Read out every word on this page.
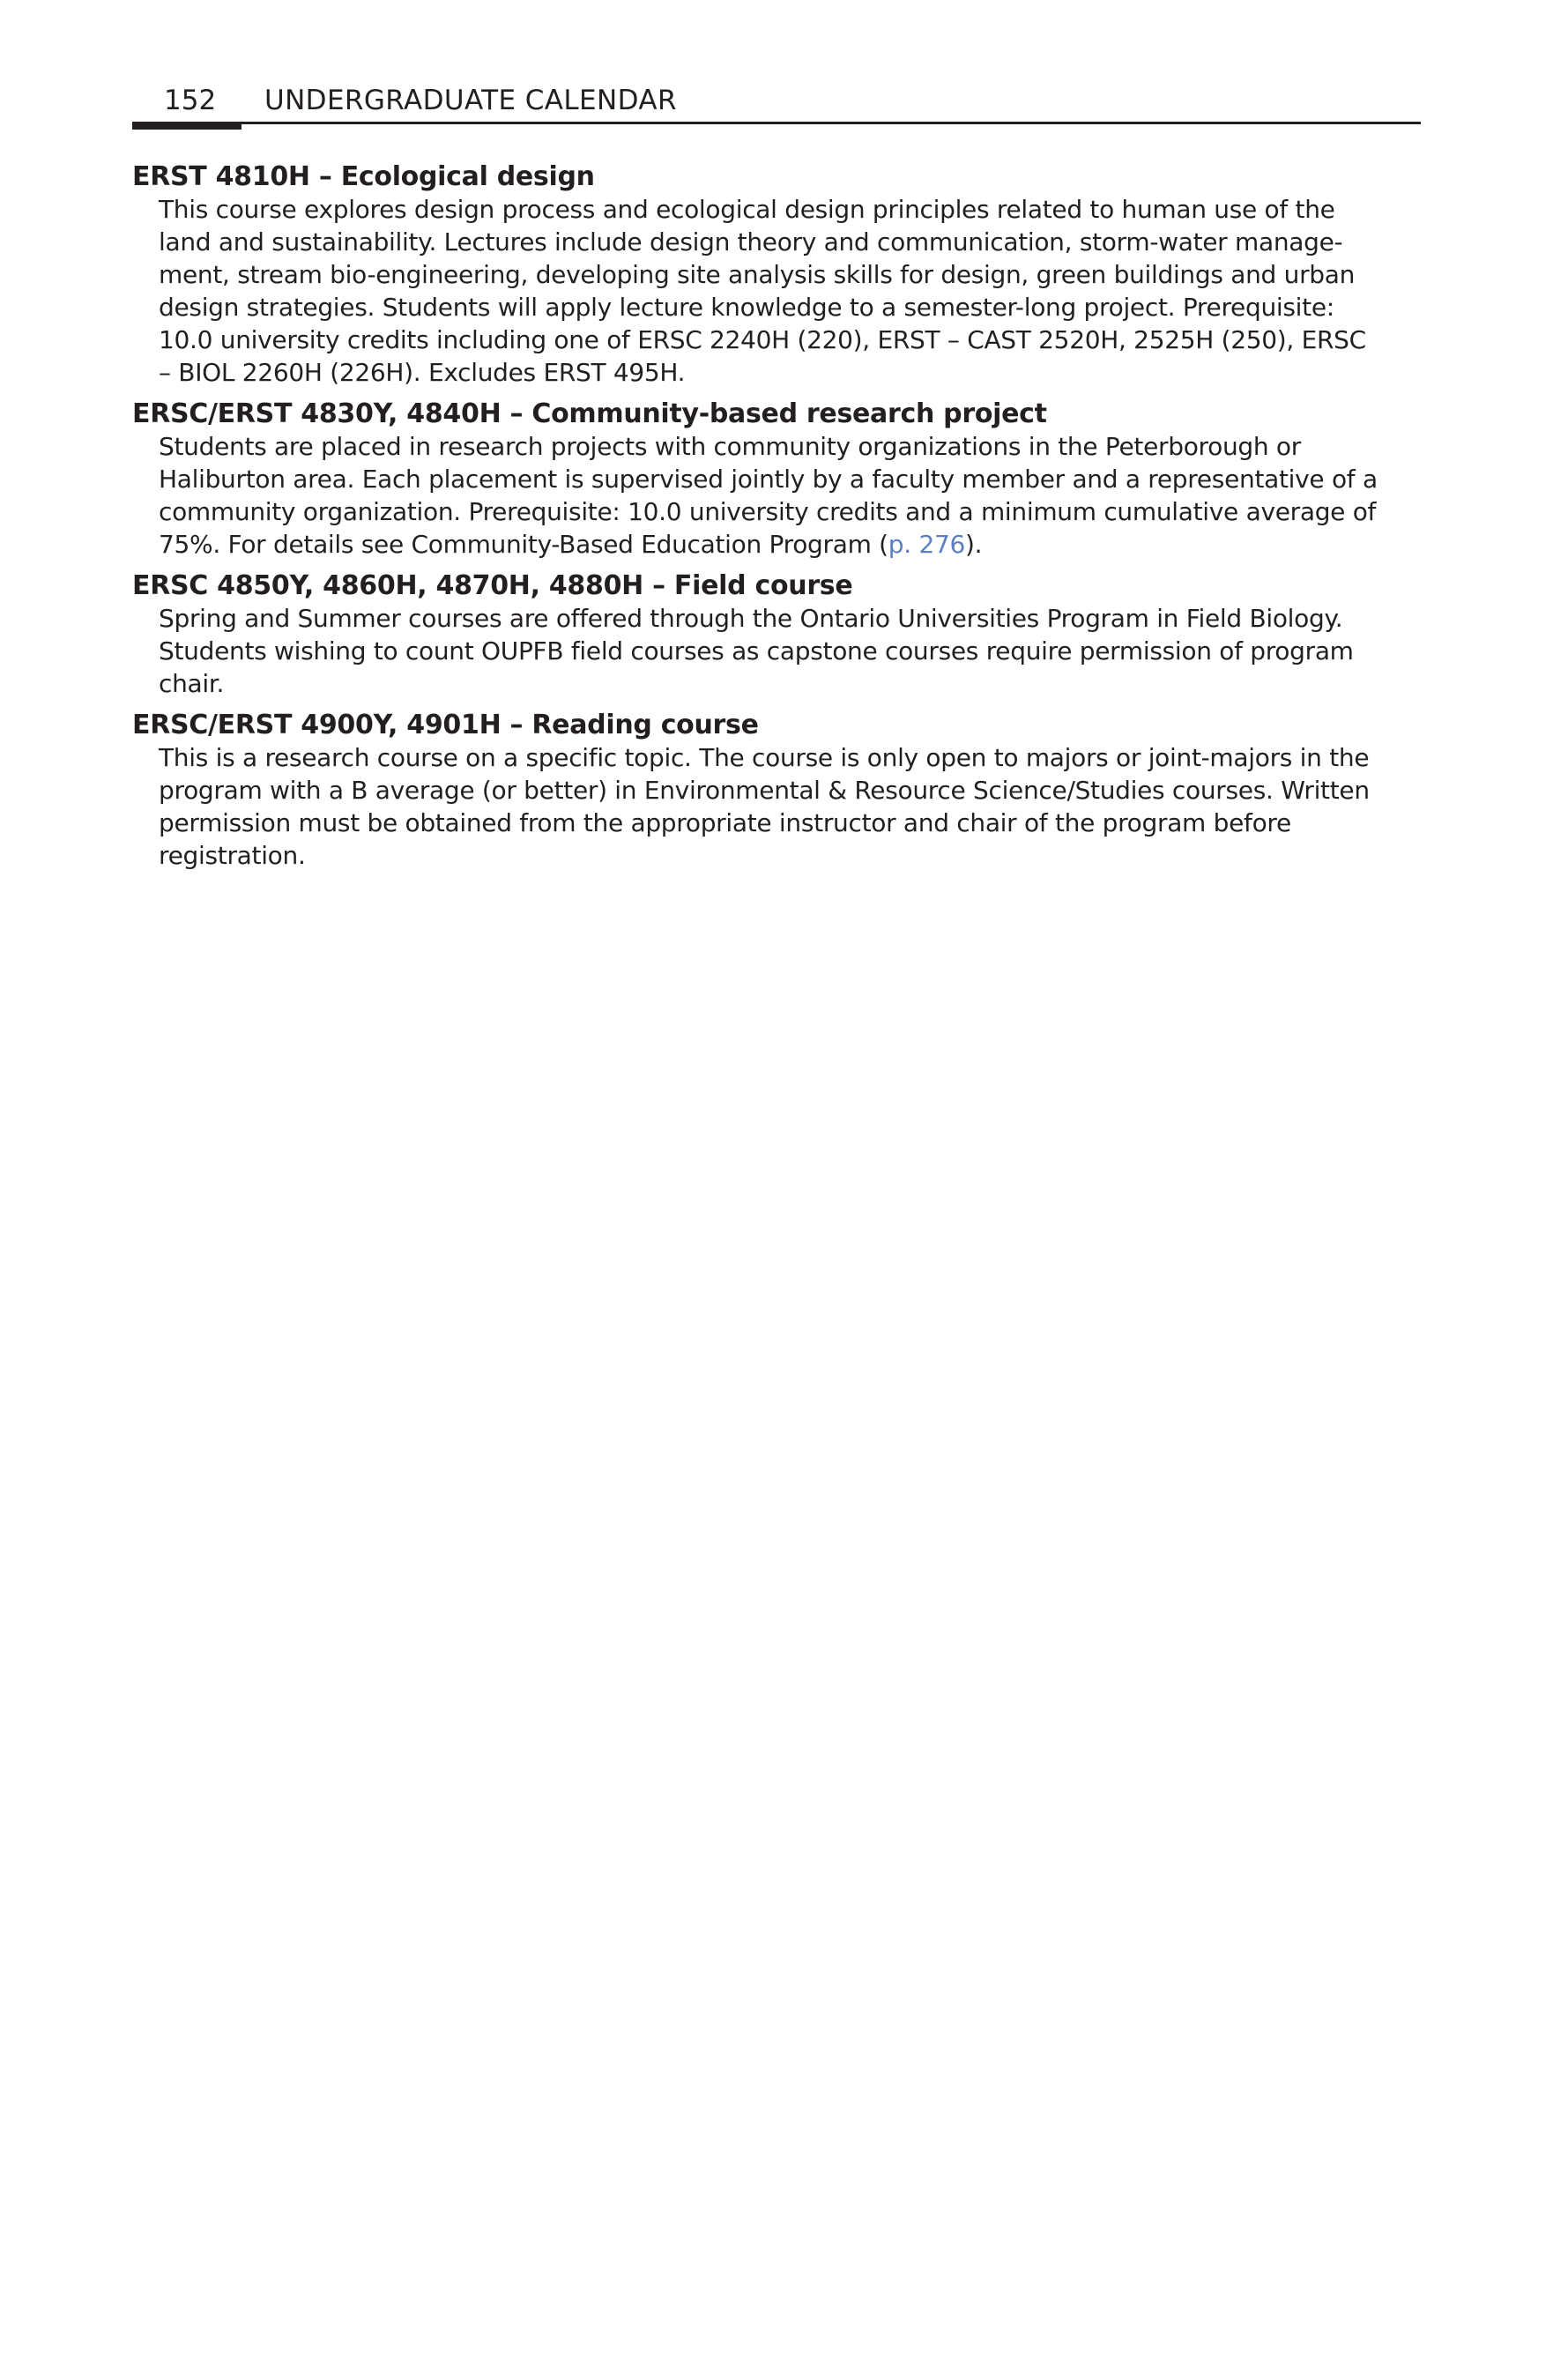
152 UNDERGRADUATE CALENDAR
ERST 4810H – Ecological design
This course explores design process and ecological design principles related to human use of the
land and sustainability. Lectures include design theory and communication, storm-water manage-
ment, stream bio-engineering, developing site analysis skills for design, green buildings and urban
design strategies. Students will apply lecture knowledge to a semester-long project. Prerequisite:
10.0 university credits including one of ERSC 2240H (220), ERST – CAST 2520H, 2525H (250), ERSC
– BIOL 2260H (226H). Excludes ERST 495H.
ERSC/ERST 4830Y, 4840H – Community-based research project
Students are placed in research projects with community organizations in the Peterborough or
Haliburton area. Each placement is supervised jointly by a faculty member and a representative of a
community organization. Prerequisite: 10.0 university credits and a minimum cumulative average of
75%. For details see Community-Based Education Program (p. 276).
ERSC 4850Y, 4860H, 4870H, 4880H – Field course
Spring and Summer courses are offered through the Ontario Universities Program in Field Biology.
Students wishing to count OUPFB field courses as capstone courses require permission of program
chair.
ERSC/ERST 4900Y, 4901H – Reading course
This is a research course on a specific topic. The course is only open to majors or joint-majors in the
program with a B average (or better) in Environmental & Resource Science/Studies courses. Written
permission must be obtained from the appropriate instructor and chair of the program before
registration.
